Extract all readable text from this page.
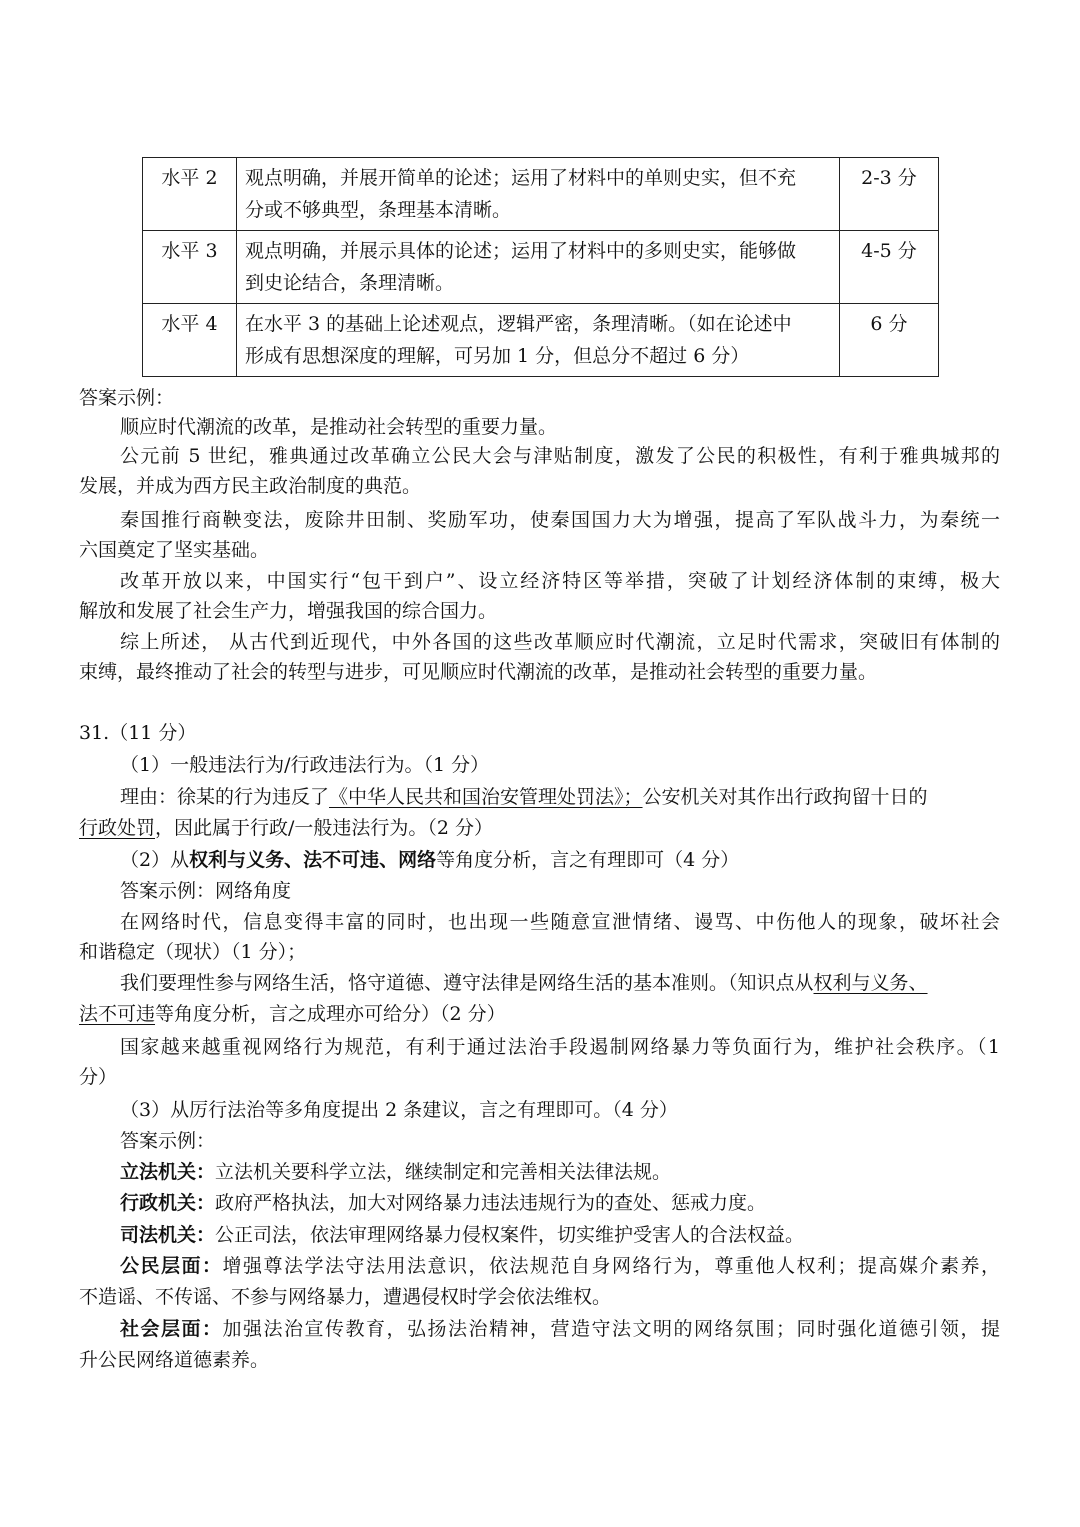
水平 2	观点明确，并展开简单的论述；运用了材料中的单则史实，但不充
分或不够典型，条理基本清晰。	2-3 分
水平 3	观点明确，并展示具体的论述；运用了材料中的多则史实，能够做
到史论结合，条理清晰。	4-5 分
水平 4	在水平 3 的基础上论述观点，逻辑严密，条理清晰。（如在论述中
形成有思想深度的理解，可另加 1 分，但总分不超过 6 分）	6 分
答案示例：
顺应时代潮流的改革，是推动社会转型的重要力量。
公元前 5 世纪，雅典通过改革确立公民大会与津贴制度，激发了公民的积极性，有利于雅典城邦的
发展，并成为西方民主政治制度的典范。
秦国推行商鞅变法，废除井田制、奖励军功，使秦国国力大为增强，提高了军队战斗力，为秦统一
六国奠定了坚实基础。
改革开放以来，中国实行“包干到户”、设立经济特区等举措，突破了计划经济体制的束缚，极大
解放和发展了社会生产力，增强我国的综合国力。
综上所述， 从古代到近现代，中外各国的这些改革顺应时代潮流，立足时代需求，突破旧有体制的
束缚，最终推动了社会的转型与进步，可见顺应时代潮流的改革，是推动社会转型的重要力量。
31.（11 分）
（1）一般违法行为/行政违法行为。（1 分）
理由：徐某的行为违反了《中华人民共和国治安管理处罚法》；公安机关对其作出行政拘留十日的
行政处罚，因此属于行政/一般违法行为。（2 分）
（2）从权利与义务、法不可违、网络等角度分析，言之有理即可（4 分）
答案示例：网络角度
在网络时代，信息变得丰富的同时，也出现一些随意宣泄情绪、谩骂、中伤他人的现象，破坏社会
和谐稳定（现状）（1 分）；
我们要理性参与网络生活，恪守道德、遵守法律是网络生活的基本准则。（知识点从权利与义务、
法不可违等角度分析，言之成理亦可给分）（2 分）
国家越来越重视网络行为规范，有利于通过法治手段遏制网络暴力等负面行为，维护社会秩序。（1
分）
（3）从厉行法治等多角度提出 2 条建议，言之有理即可。（4 分）
答案示例：
立法机关：立法机关要科学立法，继续制定和完善相关法律法规。
行政机关：政府严格执法，加大对网络暴力违法违规行为的查处、惩戒力度。
司法机关：公正司法，依法审理网络暴力侵权案件，切实维护受害人的合法权益。
公民层面：增强尊法学法守法用法意识，依法规范自身网络行为，尊重他人权利；提高媒介素养，
不造谣、不传谣、不参与网络暴力，遭遇侵权时学会依法维权。
社会层面：加强法治宣传教育，弘扬法治精神，营造守法文明的网络氛围；同时强化道德引领，提
升公民网络道德素养。
